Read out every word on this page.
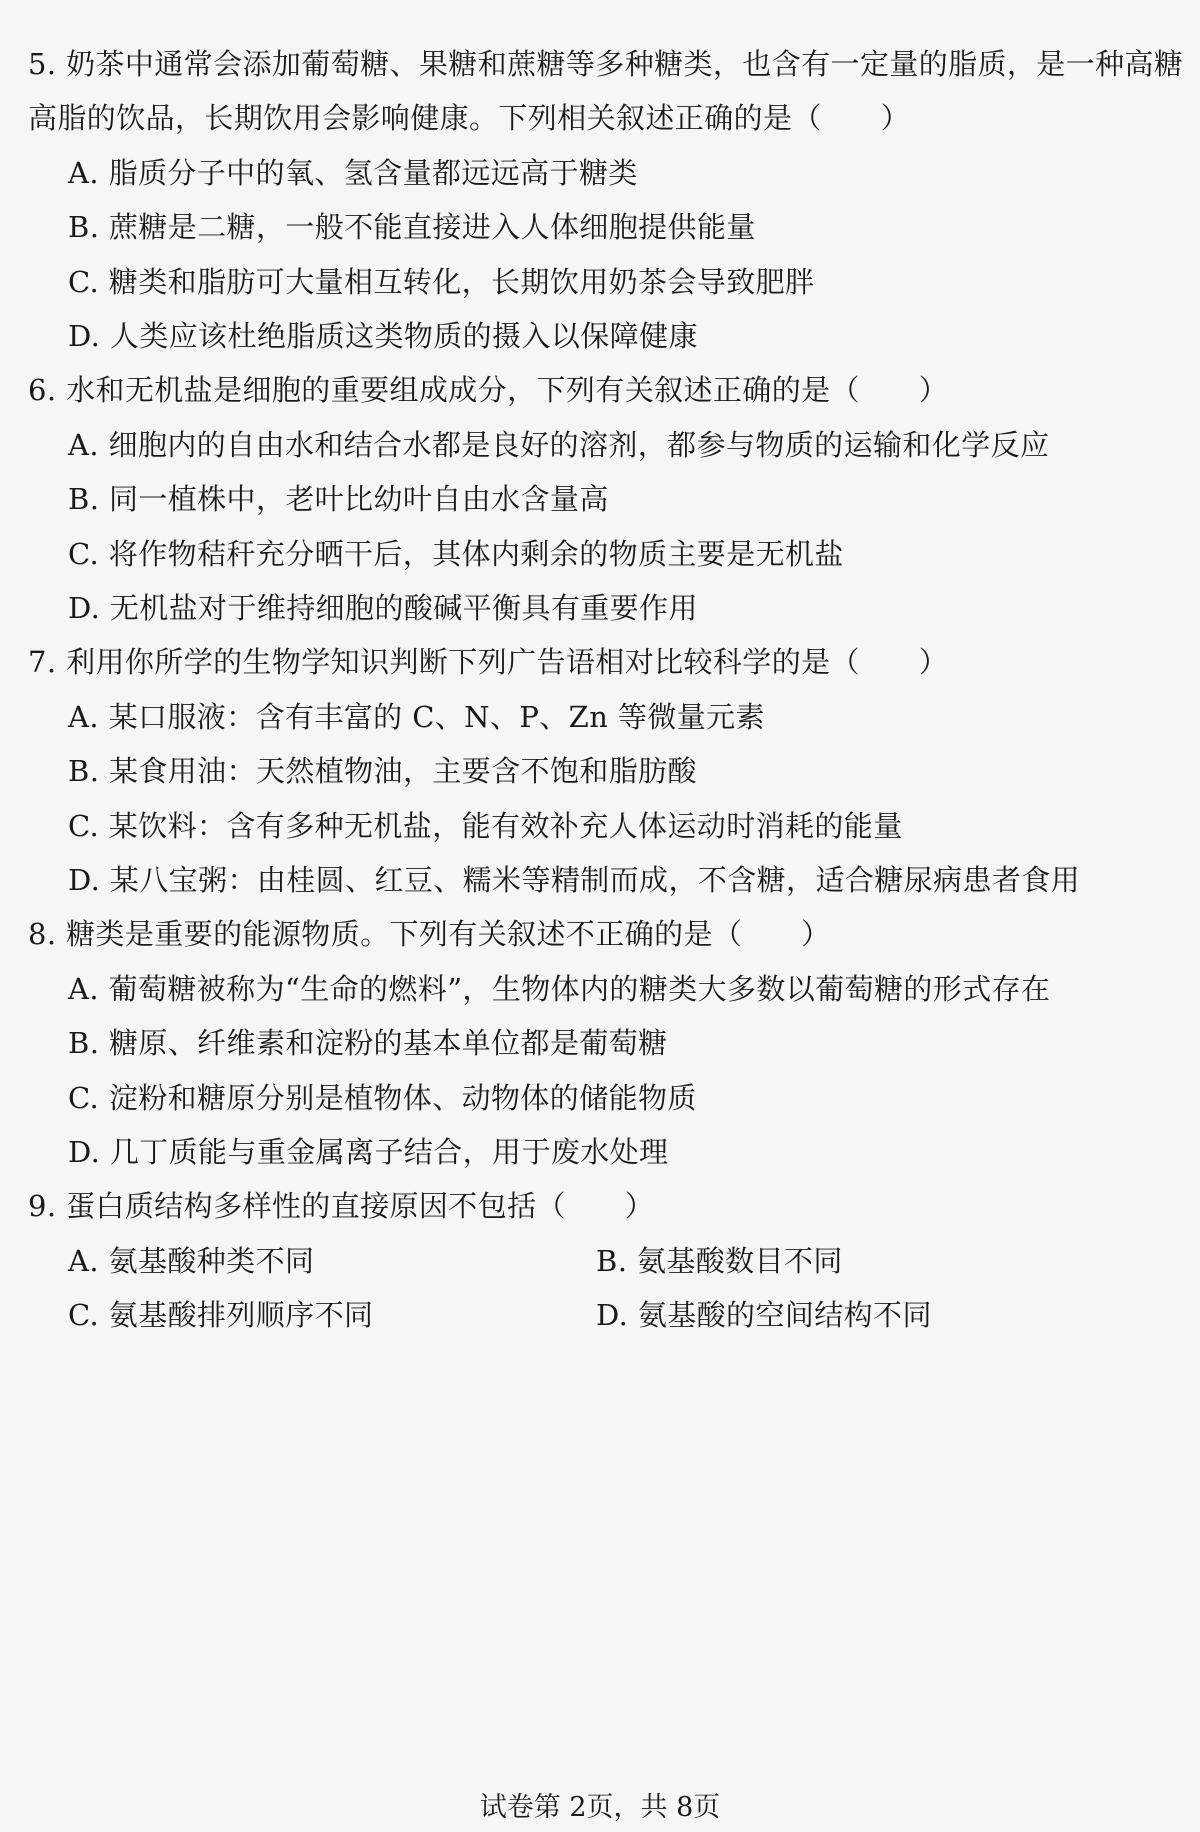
5. 奶茶中通常会添加葡萄糖、果糖和蔗糖等多种糖类，也含有一定量的脂质，是一种高糖
高脂的饮品，长期饮用会影响健康。下列相关叙述正确的是（　　）
A. 脂质分子中的氧、氢含量都远远高于糖类
B. 蔗糖是二糖，一般不能直接进入人体细胞提供能量
C. 糖类和脂肪可大量相互转化，长期饮用奶茶会导致肥胖
D. 人类应该杜绝脂质这类物质的摄入以保障健康
6. 水和无机盐是细胞的重要组成成分，下列有关叙述正确的是（　　）
A. 细胞内的自由水和结合水都是良好的溶剂，都参与物质的运输和化学反应
B. 同一植株中，老叶比幼叶自由水含量高
C. 将作物秸秆充分晒干后，其体内剩余的物质主要是无机盐
D. 无机盐对于维持细胞的酸碱平衡具有重要作用
7. 利用你所学的生物学知识判断下列广告语相对比较科学的是（　　）
A. 某口服液：含有丰富的 C、N、P、Zn 等微量元素
B. 某食用油：天然植物油，主要含不饱和脂肪酸
C. 某饮料：含有多种无机盐，能有效补充人体运动时消耗的能量
D. 某八宝粥：由桂圆、红豆、糯米等精制而成，不含糖，适合糖尿病患者食用
8. 糖类是重要的能源物质。下列有关叙述不正确的是（　　）
A. 葡萄糖被称为“生命的燃料”，生物体内的糖类大多数以葡萄糖的形式存在
B. 糖原、纤维素和淀粉的基本单位都是葡萄糖
C. 淀粉和糖原分别是植物体、动物体的储能物质
D. 几丁质能与重金属离子结合，用于废水处理
9. 蛋白质结构多样性的直接原因不包括（　　）
A. 氨基酸种类不同	B. 氨基酸数目不同
C. 氨基酸排列顺序不同	D. 氨基酸的空间结构不同
试卷第 2页，共 8页
